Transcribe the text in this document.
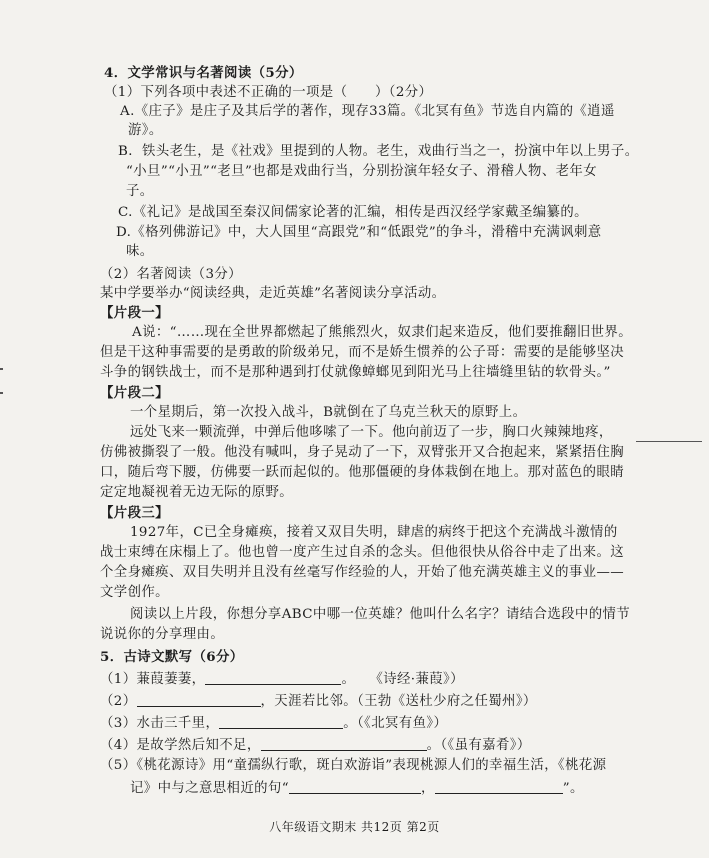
4．文学常识与名著阅读（5分）
（1）下列各项中表述不正确的一项是（　　）（2分）
A.《庄子》是庄子及其后学的著作，现存33篇。《北冥有鱼》节选自内篇的《逍遥
游》。
B．铁头老生，是《社戏》里提到的人物。老生，戏曲行当之一，扮演中年以上男子。
“小旦”“小丑”“老旦”也都是戏曲行当，分别扮演年轻女子、滑稽人物、老年女
子。
C.《礼记》是战国至秦汉间儒家论著的汇编，相传是西汉经学家戴圣编纂的。
D.《格列佛游记》中，大人国里“高跟党”和“低跟党”的争斗，滑稽中充满讽刺意
味。
（2）名著阅读（3分）
某中学要举办“阅读经典，走近英雄”名著阅读分享活动。
【片段一】
A说：“……现在全世界都燃起了熊熊烈火，奴隶们起来造反，他们要推翻旧世界。
但是干这种事需要的是勇敢的阶级弟兄，而不是娇生惯养的公子哥：需要的是能够坚决
斗争的钢铁战士，而不是那种遇到打仗就像蟑螂见到阳光马上往墙缝里钻的软骨头。”
【片段二】
一个星期后，第一次投入战斗，B就倒在了乌克兰秋天的原野上。
远处飞来一颗流弹，中弹后他哆嗦了一下。他向前迈了一步，胸口火辣辣地疼，
仿佛被撕裂了一般。他没有喊叫，身子晃动了一下，双臂张开又合抱起来，紧紧捂住胸
口，随后弯下腰，仿佛要一跃而起似的。他那僵硬的身体栽倒在地上。那对蓝色的眼睛
定定地凝视着无边无际的原野。
【片段三】
1927年，C已全身瘫痪，接着又双目失明，肆虐的病终于把这个充满战斗激情的
战士束缚在床榻上了。他也曾一度产生过自杀的念头。但他很快从俗谷中走了出来。这
个全身瘫痪、双目失明并且没有丝毫写作经验的人，开始了他充满英雄主义的事业——
文学创作。
阅读以上片段，你想分享ABC中哪一位英雄？他叫什么名字？请结合选段中的情节
说说你的分享理由。
5．古诗文默写（6分）
（1）蒹葭萋萋，	。　　《诗经·蒹葭》）
（2）	，天涯若比邻。（王勃《送杜少府之任蜀州》）
（3）水击三千里，	。（《北冥有鱼》）
（4）是故学然后知不足，	。（《虽有嘉肴》）
（5）《桃花源诗》用“童孺纵行歌，斑白欢游诣”表现桃源人们的幸福生活，《桃花源
记》中与之意思相近的句“	，	”。
八年级语文期末 共12页 第2页
